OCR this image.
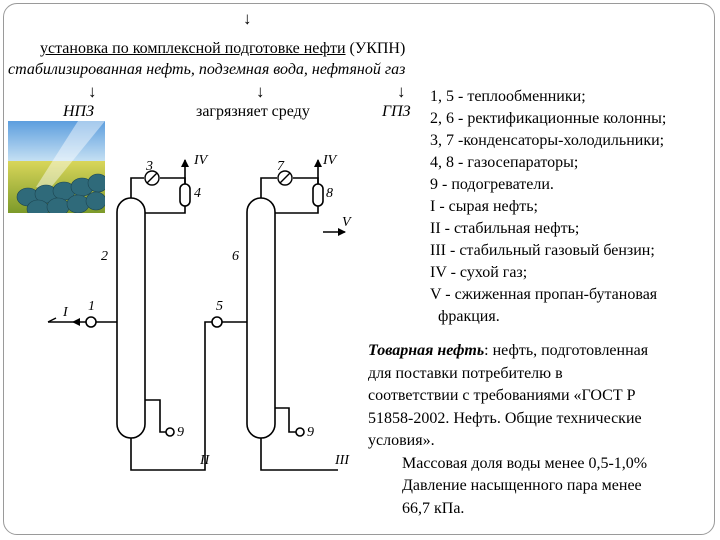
↓
установка по комплексной подготовке нефти (УКПН)
стабилизированная нефть, подземная вода, нефтяной газ
↓	↓	↓
НПЗ	загрязняет среду	ГПЗ
I 1
2
3	IV
4
6
5
7	IV
8
V
9	9
II	III
1, 5 - теплообменники;
2, 6 - ректификационные колонны;
3, 7 -конденсаторы-холодильники;
4, 8 - газосепараторы;
9 - подогреватели.
I - сырая нефть;
II - стабильная нефть;
III - стабильный газовый бензин;
IV - сухой газ;
V - сжиженная пропан-бутановая
фракция.
Товарная нефть: нефть, подготовленная
для поставки потребителю в
соответствии с требованиями «ГОСТ Р
51858-2002. Нефть. Общие технические
условия».
Массовая доля воды менее 0,5-1,0%
Давление насыщенного пара менее
66,7 кПа.
